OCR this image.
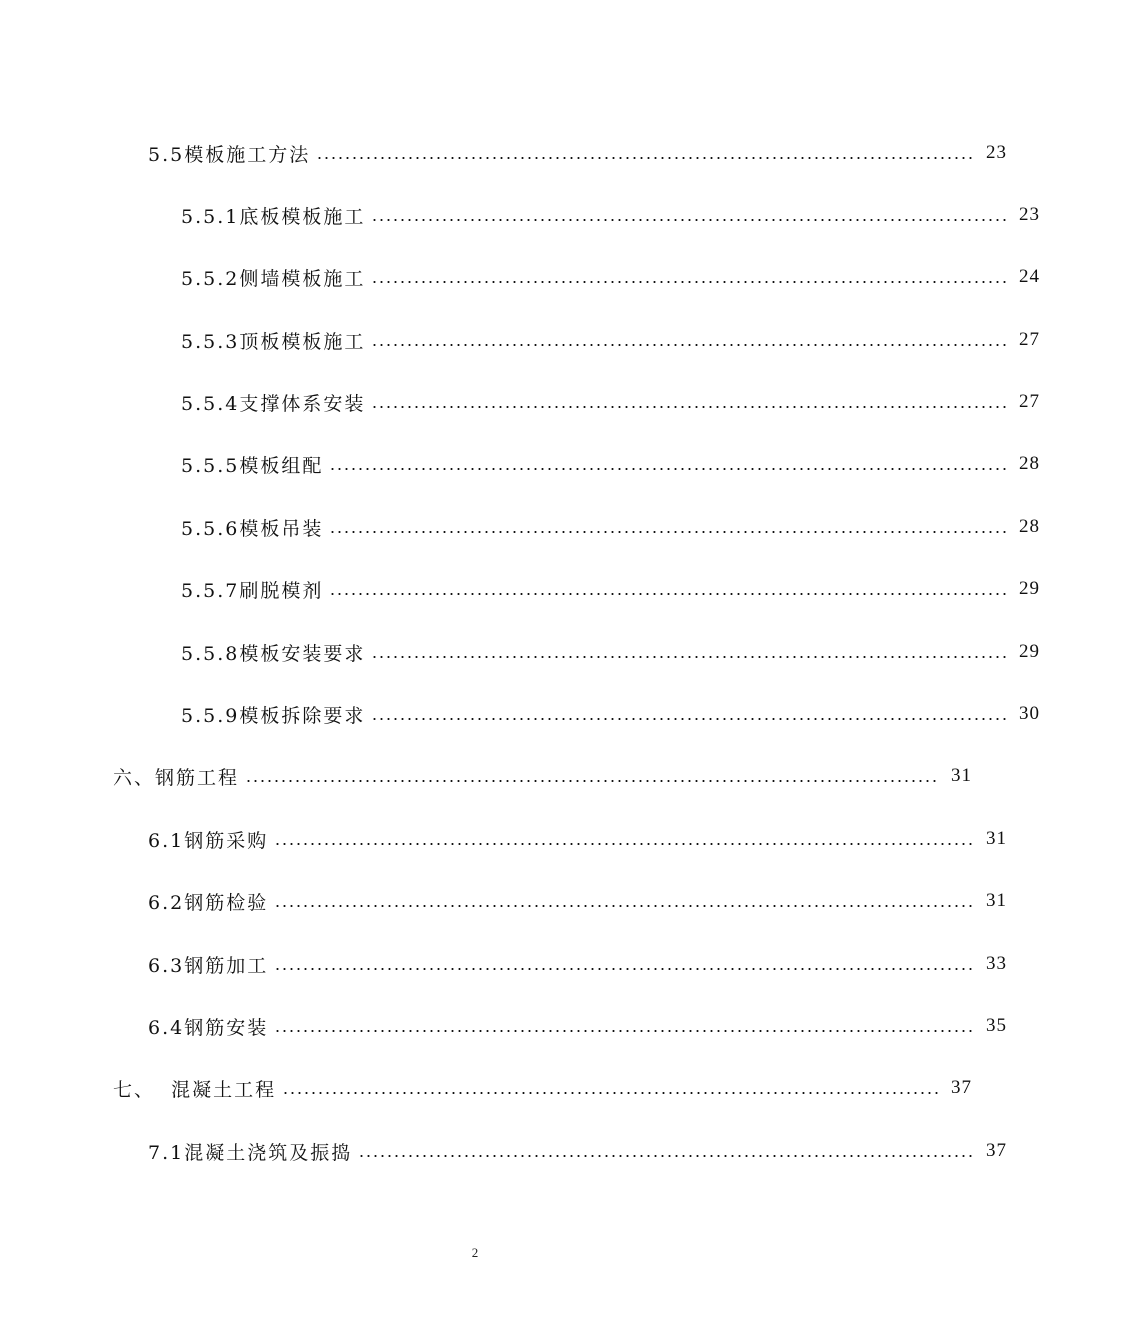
5.5模板施工方法	23
5.5.1底板模板施工	23
5.5.2侧墙模板施工	24
5.5.3顶板模板施工	27
5.5.4支撑体系安装	27
5.5.5模板组配	28
5.5.6模板吊装	28
5.5.7刷脱模剂	29
5.5.8模板安装要求	29
5.5.9模板拆除要求	30
六、钢筋工程	31
6.1钢筋采购	31
6.2钢筋检验	31
6.3钢筋加工	33
6.4钢筋安装	35
七、  混凝土工程	37
7.1混凝土浇筑及振捣	37
2
